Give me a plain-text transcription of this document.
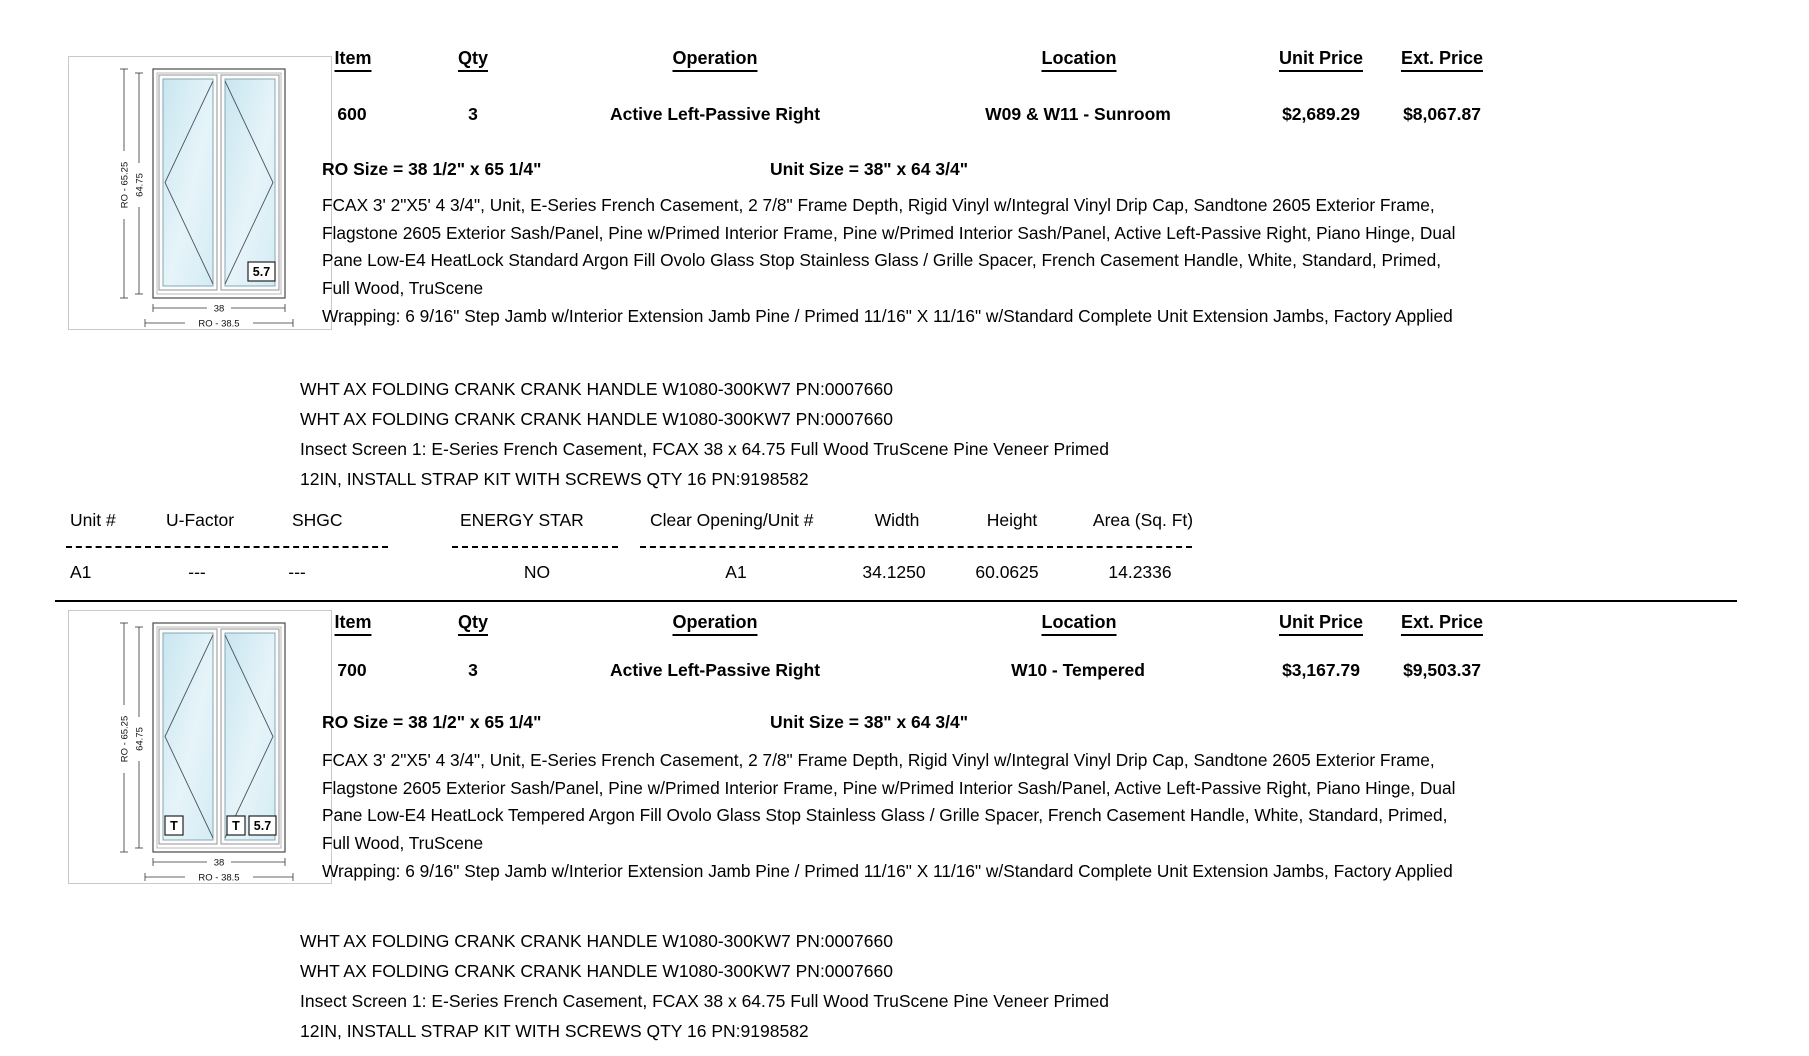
5.7
RO - 65.25 64.75
38
RO - 38.5
Item	Qty	Operation	Location	Unit Price Ext. Price
600	3	Active Left-Passive Right	W09 & W11 - Sunroom	$2,689.29 $8,067.87
RO Size = 38 1/2" x 65 1/4"	Unit Size = 38" x 64 3/4"
FCAX 3' 2"X5' 4 3/4", Unit, E-Series French Casement, 2 7/8" Frame Depth, Rigid Vinyl w/Integral Vinyl Drip Cap, Sandtone 2605 Exterior Frame, Flagstone 2605 Exterior Sash/Panel, Pine w/Primed Interior Frame, Pine w/Primed Interior Sash/Panel, Active Left-Passive Right, Piano Hinge, Dual Pane Low-E4 HeatLock Standard Argon Fill Ovolo Glass Stop Stainless Glass / Grille Spacer, French Casement Handle, White, Standard, Primed, Full Wood, TruScene
Wrapping: 6 9/16" Step Jamb w/Interior Extension Jamb Pine / Primed 11/16" X 11/16" w/Standard Complete Unit Extension Jambs, Factory Applied
WHT AX FOLDING CRANK CRANK HANDLE W1080-300KW7 PN:0007660
WHT AX FOLDING CRANK CRANK HANDLE W1080-300KW7 PN:0007660
Insect Screen 1: E-Series French Casement, FCAX 38 x 64.75 Full Wood TruScene Pine Veneer Primed
12IN, INSTALL STRAP KIT WITH SCREWS QTY 16 PN:9198582
Unit #	U-Factor	SHGC	ENERGY STAR	Clear Opening/Unit #	Width	Height	Area (Sq. Ft)
A1	---	---	NO	A1	34.1250	60.0625	14.2336
T	T 5.7
RO - 65.25 64.75
38
RO - 38.5
Item	Qty	Operation	Location	Unit Price Ext. Price
700	3	Active Left-Passive Right	W10 - Tempered	$3,167.79 $9,503.37
RO Size = 38 1/2" x 65 1/4"	Unit Size = 38" x 64 3/4"
FCAX 3' 2"X5' 4 3/4", Unit, E-Series French Casement, 2 7/8" Frame Depth, Rigid Vinyl w/Integral Vinyl Drip Cap, Sandtone 2605 Exterior Frame, Flagstone 2605 Exterior Sash/Panel, Pine w/Primed Interior Frame, Pine w/Primed Interior Sash/Panel, Active Left-Passive Right, Piano Hinge, Dual Pane Low-E4 HeatLock Tempered Argon Fill Ovolo Glass Stop Stainless Glass / Grille Spacer, French Casement Handle, White, Standard, Primed, Full Wood, TruScene
Wrapping: 6 9/16" Step Jamb w/Interior Extension Jamb Pine / Primed 11/16" X 11/16" w/Standard Complete Unit Extension Jambs, Factory Applied
WHT AX FOLDING CRANK CRANK HANDLE W1080-300KW7 PN:0007660
WHT AX FOLDING CRANK CRANK HANDLE W1080-300KW7 PN:0007660
Insect Screen 1: E-Series French Casement, FCAX 38 x 64.75 Full Wood TruScene Pine Veneer Primed
12IN, INSTALL STRAP KIT WITH SCREWS QTY 16 PN:9198582
